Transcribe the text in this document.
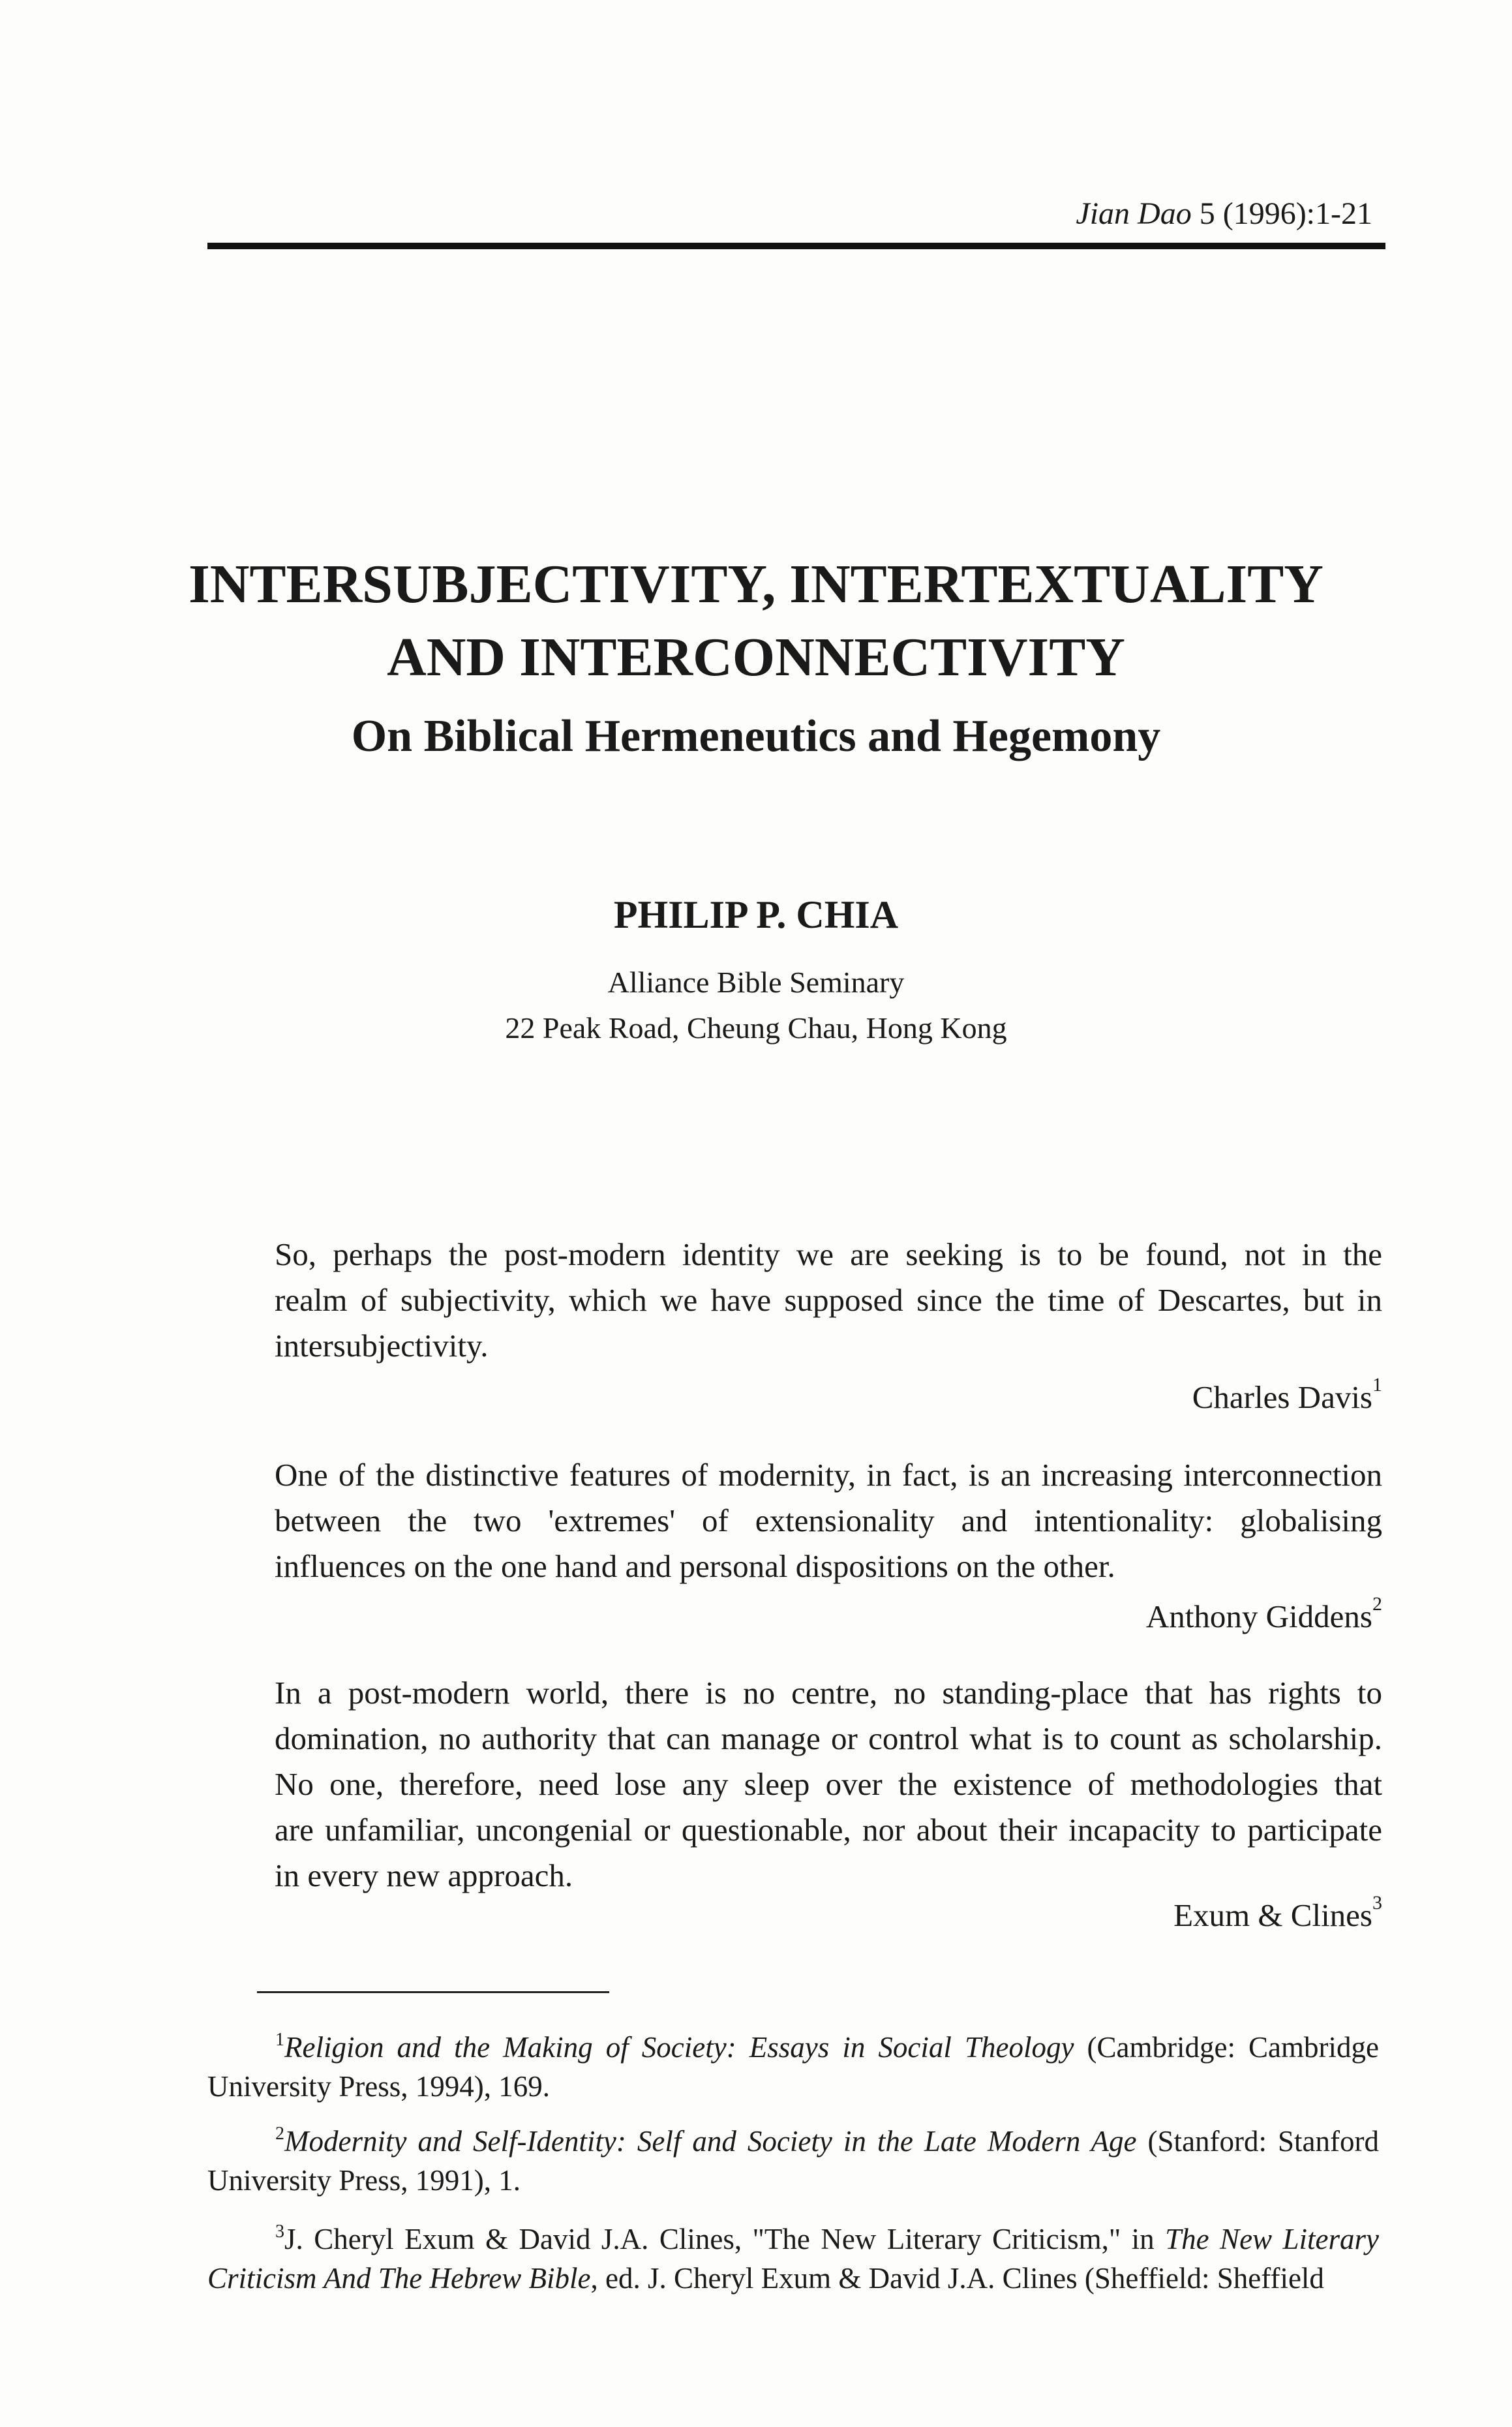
Jian Dao 5 (1996):1-21
INTERSUBJECTIVITY, INTERTEXTUALITY
AND INTERCONNECTIVITY
On Biblical Hermeneutics and Hegemony
PHILIP P. CHIA
Alliance Bible Seminary
22 Peak Road, Cheung Chau, Hong Kong
So, perhaps the post-modern identity we are seeking is to be found, not in the
realm of subjectivity, which we have supposed since the time of Descartes, but in
intersubjectivity.
Charles Davis$^1$
One of the distinctive features of modernity, in fact, is an increasing interconnection
between the two 'extremes' of extensionality and intentionality: globalising
influences on the one hand and personal dispositions on the other.
Anthony Giddens$^2$
In a post-modern world, there is no centre, no standing-place that has rights to
domination, no authority that can manage or control what is to count as scholarship.
No one, therefore, need lose any sleep over the existence of methodologies that
are unfamiliar, uncongenial or questionable, nor about their incapacity to participate
in every new approach.
Exum & Clines$^3$
$^1$Religion and the Making of Society: Essays in Social Theology (Cambridge: Cambridge
University Press, 1994), 169.
$^2$Modernity and Self-Identity: Self and Society in the Late Modern Age (Stanford: Stanford
University Press, 1991), 1.
$^3$J. Cheryl Exum & David J.A. Clines, "The New Literary Criticism," in The New Literary
Criticism And The Hebrew Bible, ed. J. Cheryl Exum & David J.A. Clines (Sheffield: Sheffield
